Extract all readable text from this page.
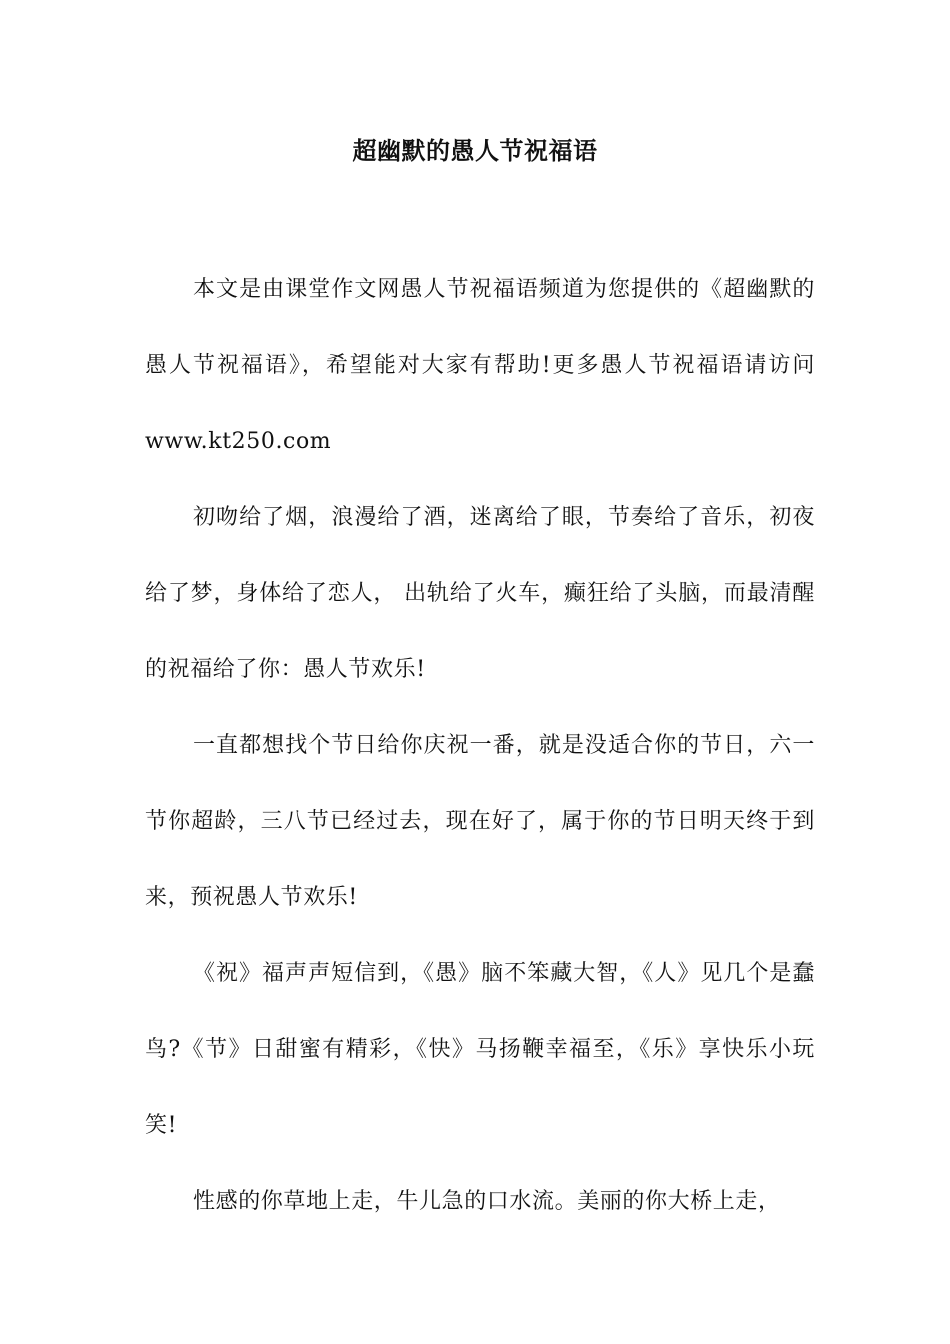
超幽默的愚人节祝福语

本文是由课堂作文网愚人节祝福语频道为您提供的《超幽默的愚人节祝福语》，希望能对大家有帮助!更多愚人节祝福语请访问www.kt250.com

初吻给了烟，浪漫给了酒，迷离给了眼，节奏给了音乐，初夜给了梦，身体给了恋人， 出轨给了火车，癫狂给了头脑，而最清醒的祝福给了你：愚人节欢乐!

一直都想找个节日给你庆祝一番，就是没适合你的节日，六一节你超龄，三八节已经过去，现在好了，属于你的节日明天终于到来，预祝愚人节欢乐!

《祝》福声声短信到，《愚》脑不笨藏大智，《人》见几个是蠢鸟?《节》日甜蜜有精彩，《快》马扬鞭幸福至，《乐》享快乐小玩笑!

性感的你草地上走，牛儿急的口水流。美丽的你大桥上走，
